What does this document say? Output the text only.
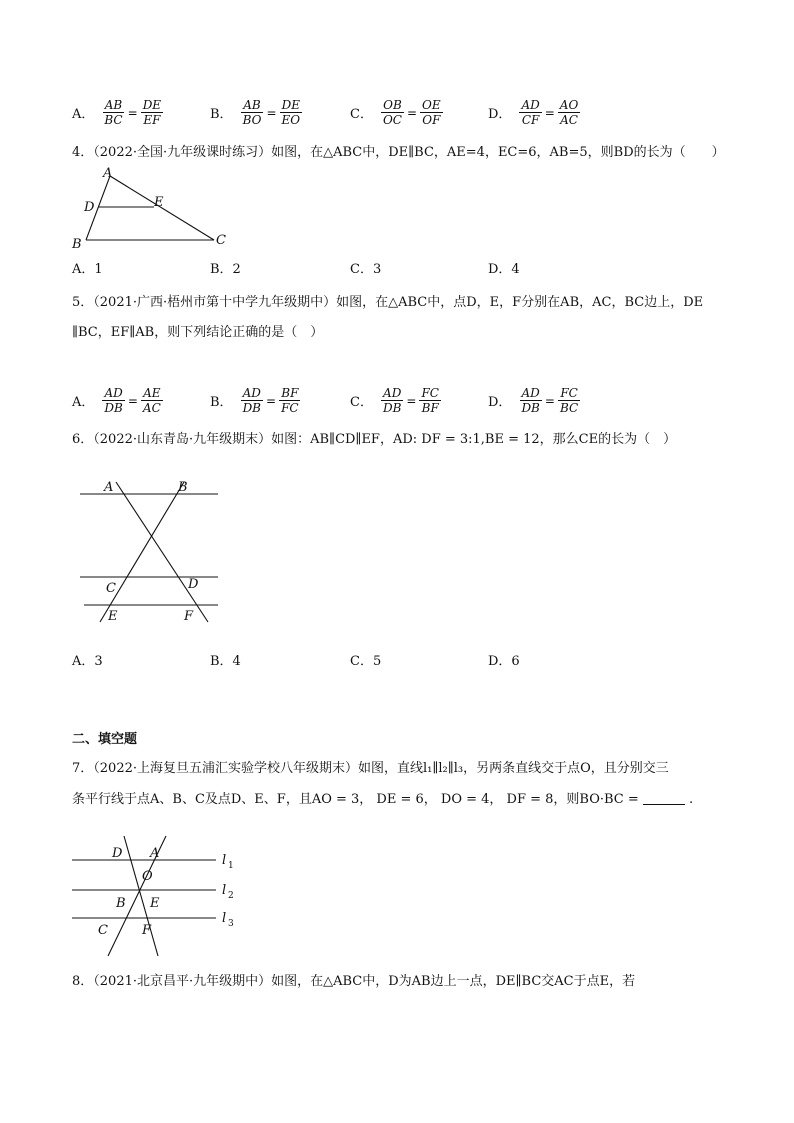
A． $\frac{AB}{BC} = \frac{DE}{EF}$	B． $\frac{AB}{BO} = \frac{DE}{EO}$	C． $\frac{OB}{OC} = \frac{OE}{OF}$	D． $\frac{AD}{CF} = \frac{AO}{AC}$
4．（2022·全国·九年级课时练习）如图，在△ABC中，DE∥BC，AE=4，EC=6，AB=5，则BD的长为（　　）
A
D	E
B	C
A．1	B．2	C．3	D．4
5．（2021·广西·梧州市第十中学九年级期中）如图，在△ABC中，点D，E，F分别在AB，AC，BC边上，DE
∥BC，EF∥AB，则下列结论正确的是（　）
A． $\frac{AD}{DB} = \frac{AE}{AC}$	B． $\frac{AD}{DB} = \frac{BF}{FC}$	C． $\frac{AD}{DB} = \frac{FC}{BF}$	D． $\frac{AD}{DB} = \frac{FC}{BC}$
6．（2022·山东青岛·九年级期末）如图：AB∥CD∥EF，AD: DF = 3:1,BE = 12，那么CE的长为（　）
A	B
C	D
E	F
A．3	B．4	C．5	D．6
二、填空题
7．（2022·上海复旦五浦汇实验学校八年级期末）如图，直线l₁∥l₂∥l₃，另两条直线交于点O，且分别交三
条平行线于点A、B、C及点D、E、F，且AO = 3， DE = 6， DO = 4， DF = 8，则BO·BC =	.
D A
O
B E
C	F
l 1
l 2
l 3
8．（2021·北京昌平·九年级期中）如图，在△ABC中，D为AB边上一点，DE∥BC交AC于点E，若
